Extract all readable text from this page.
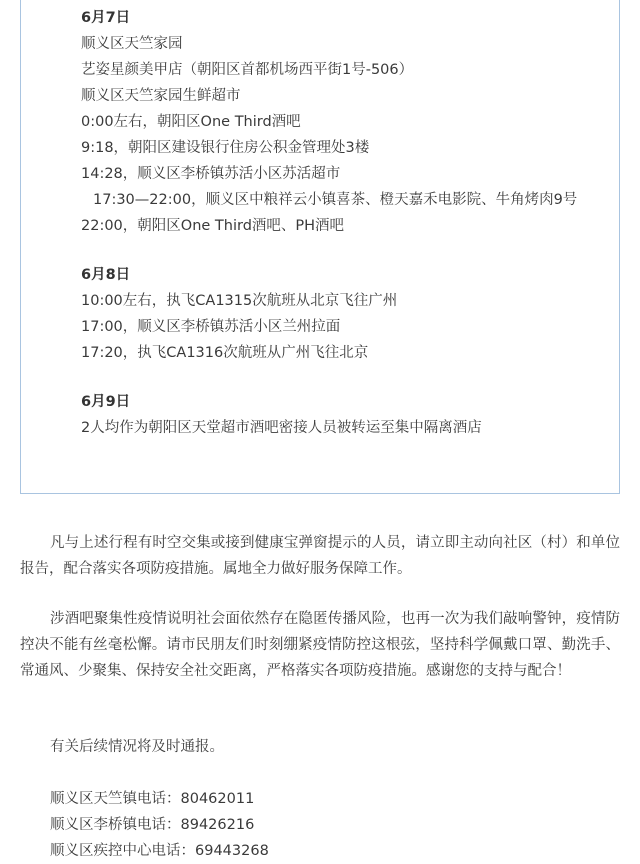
6月7日
顺义区天竺家园
艺姿星颜美甲店（朝阳区首都机场西平街1号-506）
顺义区天竺家园生鲜超市
0:00左右，朝阳区One Third酒吧
9:18，朝阳区建设银行住房公积金管理处3楼
14:28，顺义区李桥镇苏活小区苏活超市
17:30—22:00，顺义区中粮祥云小镇喜茶、橙天嘉禾电影院、牛角烤肉9号
22:00，朝阳区One Third酒吧、PH酒吧
6月8日
10:00左右，执飞CA1315次航班从北京飞往广州
17:00，顺义区李桥镇苏活小区兰州拉面
17:20，执飞CA1316次航班从广州飞往北京
6月9日
2人均作为朝阳区天堂超市酒吧密接人员被转运至集中隔离酒店

凡与上述行程有时空交集或接到健康宝弹窗提示的人员，请立即主动向社区（村）和单位报告，配合落实各项防疫措施。属地全力做好服务保障工作。

涉酒吧聚集性疫情说明社会面依然存在隐匿传播风险，也再一次为我们敲响警钟，疫情防控决不能有丝毫松懈。请市民朋友们时刻绷紧疫情防控这根弦，坚持科学佩戴口罩、勤洗手、常通风、少聚集、保持安全社交距离，严格落实各项防疫措施。感谢您的支持与配合！

有关后续情况将及时通报。

顺义区天竺镇电话：80462011
顺义区李桥镇电话：89426216
顺义区疾控中心电话：69443268
